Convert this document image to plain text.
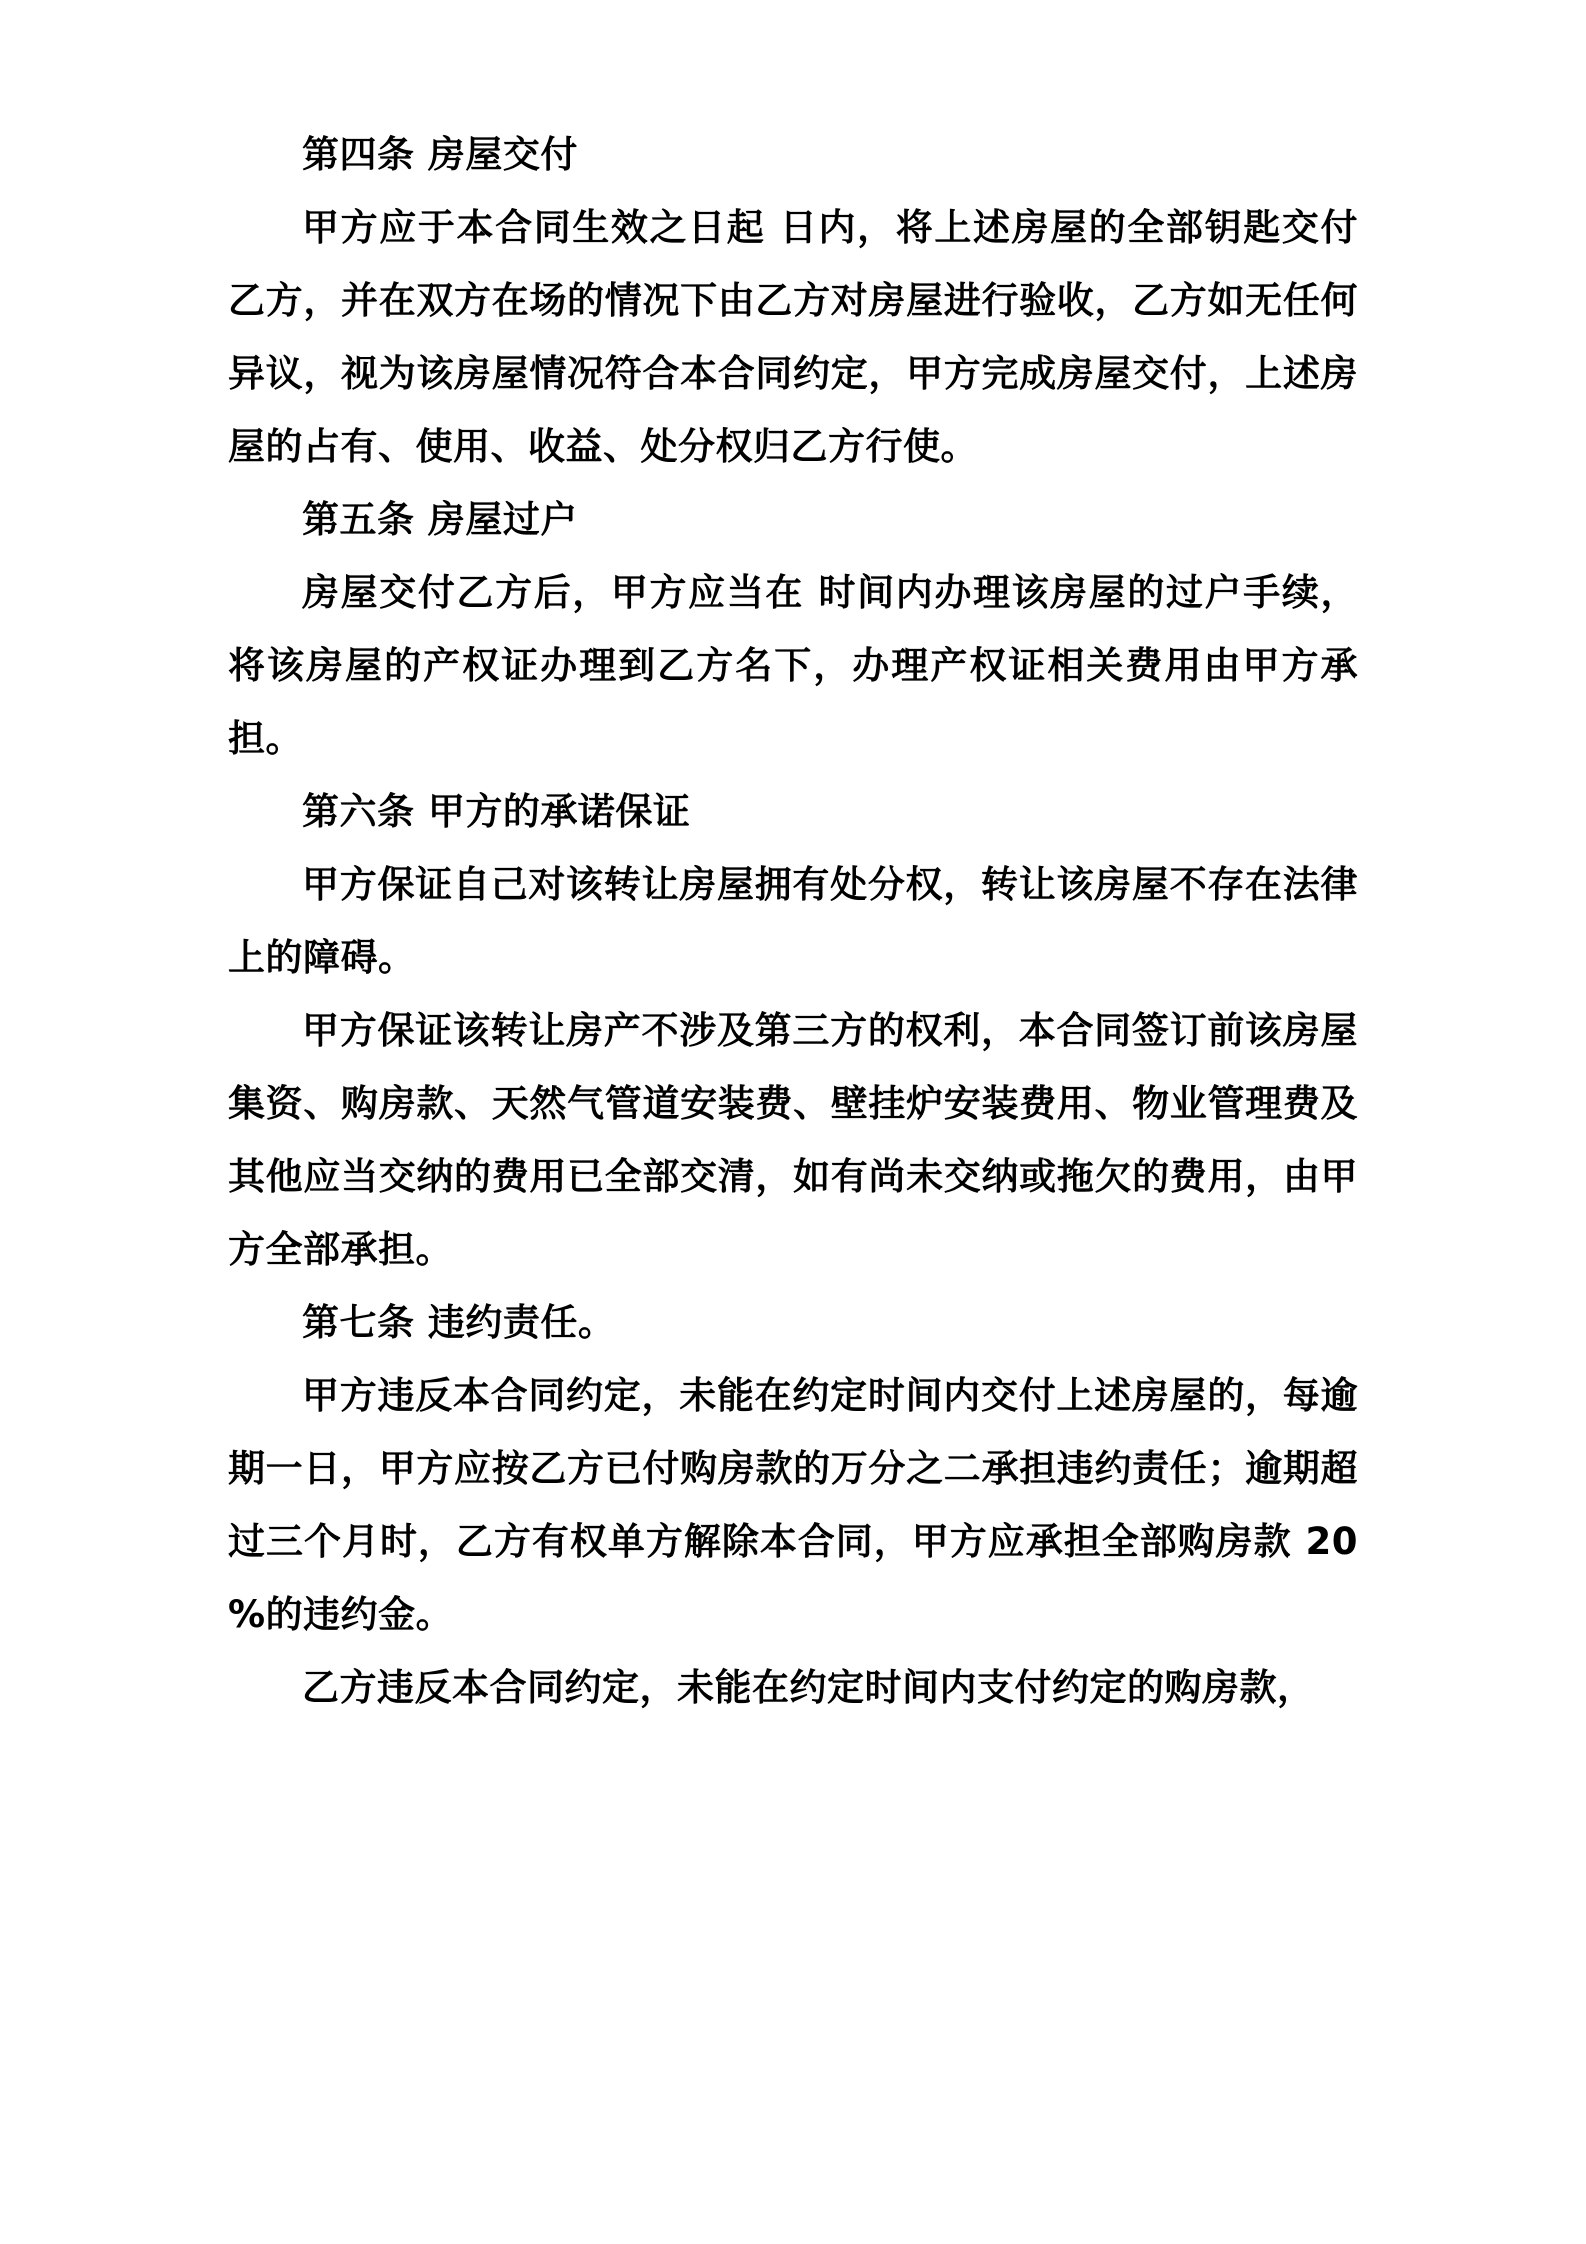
第四条 房屋交付

甲方应于本合同生效之日起 日内，将上述房屋的全部钥匙交付乙方，并在双方在场的情况下由乙方对房屋进行验收，乙方如无任何异议，视为该房屋情况符合本合同约定，甲方完成房屋交付，上述房屋的占有、使用、收益、处分权归乙方行使。

第五条 房屋过户

房屋交付乙方后，甲方应当在 时间内办理该房屋的过户手续，将该房屋的产权证办理到乙方名下，办理产权证相关费用由甲方承担。

第六条 甲方的承诺保证

甲方保证自己对该转让房屋拥有处分权，转让该房屋不存在法律上的障碍。

甲方保证该转让房产不涉及第三方的权利，本合同签订前该房屋集资、购房款、天然气管道安装费、壁挂炉安装费用、物业管理费及其他应当交纳的费用已全部交清，如有尚未交纳或拖欠的费用，由甲方全部承担。

第七条 违约责任。

甲方违反本合同约定，未能在约定时间内交付上述房屋的，每逾期一日，甲方应按乙方已付购房款的万分之二承担违约责任；逾期超过三个月时，乙方有权单方解除本合同，甲方应承担全部购房款 20 %的违约金。

乙方违反本合同约定，未能在约定时间内支付约定的购房款，
